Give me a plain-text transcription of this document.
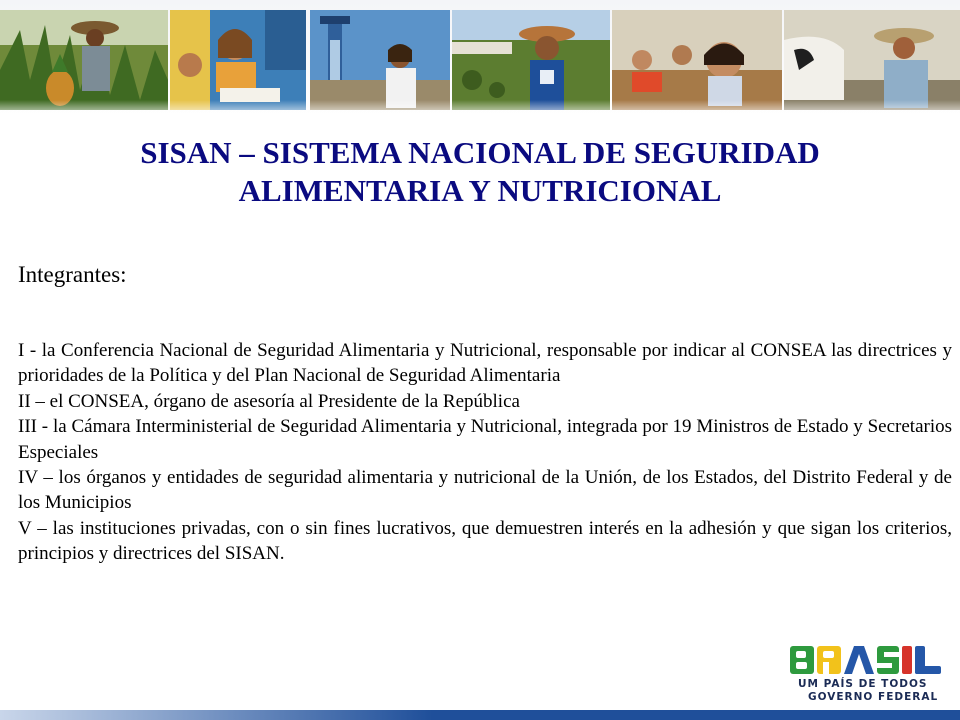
SISAN – SISTEMA NACIONAL DE SEGURIDAD
ALIMENTARIA Y NUTRICIONAL

Integrantes:

I - la Conferencia Nacional de Seguridad Alimentaria y Nutricional, responsable por indicar al CONSEA las directrices y prioridades de la Política y del Plan Nacional de Seguridad Alimentaria

II – el CONSEA, órgano de asesoría al Presidente de la República

III - la Cámara Interministerial de Seguridad Alimentaria y Nutricional, integrada por 19 Ministros de Estado y Secretarios Especiales

IV – los órganos y entidades de seguridad alimentaria y nutricional de la Unión, de los Estados, del Distrito Federal y de los Municipios

V – las instituciones privadas, con o sin fines lucrativos, que demuestren interés en la adhesión y que sigan los criterios, principios y directrices del SISAN.

UM PAÍS DE TODOS
GOVERNO FEDERAL
